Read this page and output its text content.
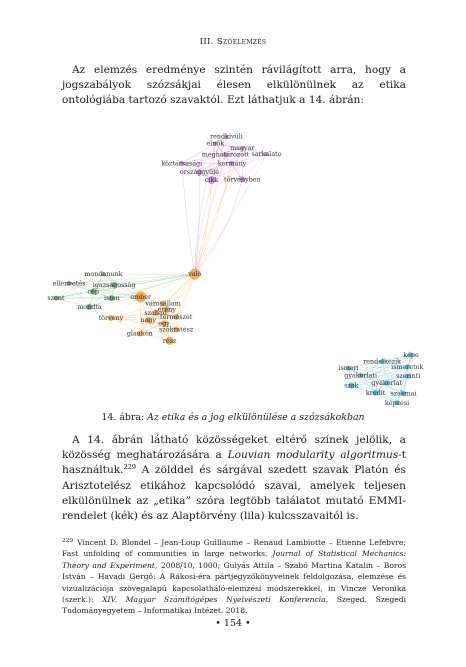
III. Szóelemzés
Az elemzés eredménye szintén rávilágított arra, hogy a jogszabályok szózsákjai élesen elkülönülnek az etika ontológiába tartozó szavaktól. Ezt láthatjuk a 14. ábrán:
rendkívüli
elnök
magyar
meghatározott sarkalato
köztársasági kormány
országgyűlé
cikk törvényben
való
ember
városállam
erény
szabad
természet
törvény	nagy egy
szókratész
glaukón
rész
mondanunk
igazságosság
ellenvetés
cép
szent	isten
mondta
képe
rendelkezik
ismeretek
ismeri
gyakorlati	szerinti
szak gyakorlat
kredit szakmai
képzési
14. ábra: Az etika és a jog elkülönülése a szózsákokban
A 14. ábrán látható közösségeket eltérő színek jelölik, a közösség meghatározására a Louvian modularity algoritmus-t használtuk.$^{229}$ A zölddel és sárgával szedett szavak Platón és Arisztotelész etikához kapcsolódó szavai, amelyek teljesen elkülönülnek az „etika” szóra legtöbb találatot mutató EMMI-rendelet (kék) és az Alaptörvény (lila) kulcsszavaitól is.
$^{229}$ Vincent D. Blondel – Jean-Loup Guillaume – Renaud Lambiotte – Etienne Lefebvre: Fast unfolding of communities in large networks, Journal of Statistical Mechanics: Theory and Experiment, 2008/10, 1000; Gulyás Attila – Szabó Martina Katalin – Boros István – Havadi Gergő: A Rákosi-éra pártjegyzőkönyveinek feldolgozása, elemzése és vizualizációja szövegalapú kapcsolatháló-elemzési módszerekkel, in Vincze Veronika (szerk.): XIV. Magyar Számítógépes Nyelvészeti Konferencia, Szeged, Szegedi Tudományegyetem – Informatikai Intézet, 2018.
• 154 •
